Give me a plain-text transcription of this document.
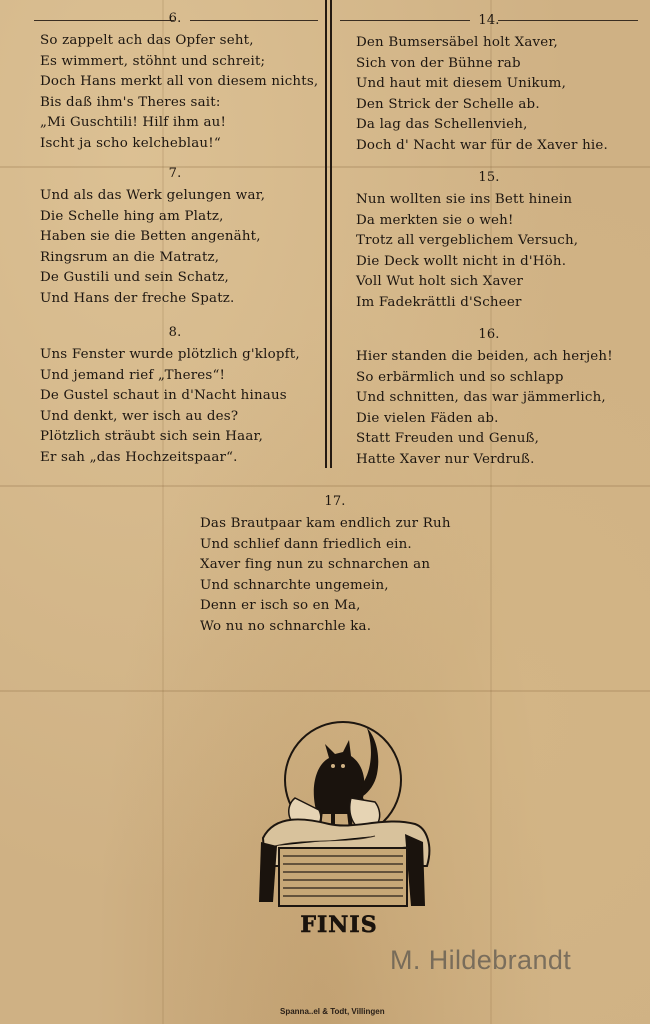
6.
So zappelt ach das Opfer seht,
Es wimmert, stöhnt und schreit;
Doch Hans merkt all von diesem nichts,
Bis daß ihm's Theres sait:
„Mi Guschtili! Hilf ihm au!
Ischt ja scho kelcheblau!“
7.
Und als das Werk gelungen war,
Die Schelle hing am Platz,
Haben sie die Betten angenäht,
Ringsrum an die Matratz,
De Gustili und sein Schatz,
Und Hans der freche Spatz.
8.
Uns Fenster wurde plötzlich g'klopft,
Und jemand rief „Theres“!
De Gustel schaut in d'Nacht hinaus
Und denkt, wer isch au des?
Plötzlich sträubt sich sein Haar,
Er sah „das Hochzeitspaar“.
14.
Den Bumsersäbel holt Xaver,
Sich von der Bühne rab
Und haut mit diesem Unikum,
Den Strick der Schelle ab.
Da lag das Schellenvieh,
Doch d' Nacht war für de Xaver hie.
15.
Nun wollten sie ins Bett hinein
Da merkten sie o weh!
Trotz all vergeblichem Versuch,
Die Deck wollt nicht in d'Höh.
Voll Wut holt sich Xaver
Im Fadekrättli d'Scheer
16.
Hier standen die beiden, ach herjeh!
So erbärmlich und so schlapp
Und schnitten, das war jämmerlich,
Die vielen Fäden ab.
Statt Freuden und Genuß,
Hatte Xaver nur Verdruß.
17.
Das Brautpaar kam endlich zur Ruh
Und schlief dann friedlich ein.
Xaver fing nun zu schnarchen an
Und schnarchte ungemein,
Denn er isch so en Ma,
Wo nu no schnarchle ka.
FINIS
M. Hildebrandt
Spanna..el & Todt, Villingen
